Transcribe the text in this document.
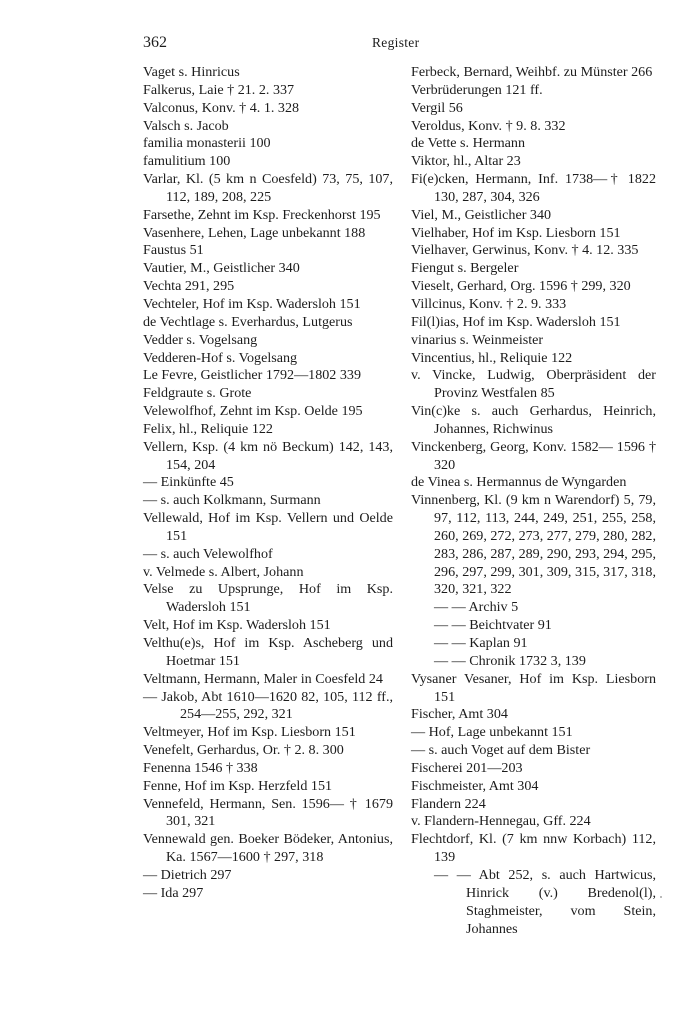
362	Register
Vaget s. Hinricus
Falkerus, Laie † 21. 2. 337
Valconus, Konv. † 4. 1. 328
Valsch s. Jacob
familia monasterii 100
famulitium 100
Varlar, Kl. (5 km n Coesfeld) 73, 75, 107, 112, 189, 208, 225
Farsethe, Zehnt im Ksp. Freckenhorst 195
Vasenhere, Lehen, Lage unbekannt 188
Faustus 51
Vautier, M., Geistlicher 340
Vechta 291, 295
Vechteler, Hof im Ksp. Wadersloh 151
de Vechtlage s. Everhardus, Lutgerus
Vedder s. Vogelsang
Vedderen-Hof s. Vogelsang
Le Fevre, Geistlicher 1792—1802 339
Feldgraute s. Grote
Velewolfhof, Zehnt im Ksp. Oelde 195
Felix, hl., Reliquie 122
Vellern, Ksp. (4 km nö Beckum) 142, 143, 154, 204
— Einkünfte 45
— s. auch Kolkmann, Surmann
Vellewald, Hof im Ksp. Vellern und Oelde 151
— s. auch Velewolfhof
v. Velmede s. Albert, Johann
Velse zu Upsprunge, Hof im Ksp. Wadersloh 151
Velt, Hof im Ksp. Wadersloh 151
Velthu(e)s, Hof im Ksp. Ascheberg und Hoetmar 151
Veltmann, Hermann, Maler in Coesfeld 24
— Jakob, Abt 1610—1620 82, 105, 112 ff., 254—255, 292, 321
Veltmeyer, Hof im Ksp. Liesborn 151
Venefelt, Gerhardus, Or. † 2. 8. 300
Fenenna 1546 † 338
Fenne, Hof im Ksp. Herzfeld 151
Vennefeld, Hermann, Sen. 1596— † 1679 301, 321
Vennewald gen. Boeker Bödeker, Antonius, Ka. 1567—1600 † 297, 318
— Dietrich 297
— Ida 297
Ferbeck, Bernard, Weihbf. zu Münster 266
Verbrüderungen 121 ff.
Vergil 56
Veroldus, Konv. † 9. 8. 332
de Vette s. Hermann
Viktor, hl., Altar 23
Fi(e)cken, Hermann, Inf. 1738—† 1822 130, 287, 304, 326
Viel, M., Geistlicher 340
Vielhaber, Hof im Ksp. Liesborn 151
Vielhaver, Gerwinus, Konv. † 4. 12. 335
Fiengut s. Bergeler
Vieselt, Gerhard, Org. 1596 † 299, 320
Villcinus, Konv. † 2. 9. 333
Fil(l)ias, Hof im Ksp. Wadersloh 151
vinarius s. Weinmeister
Vincentius, hl., Reliquie 122
v. Vincke, Ludwig, Oberpräsident der Provinz Westfalen 85
Vin(c)ke s. auch Gerhardus, Heinrich, Johannes, Richwinus
Vinckenberg, Georg, Konv. 1582— 1596 † 320
de Vinea s. Hermannus de Wyngarden
Vinnenberg, Kl. (9 km n Warendorf) 5, 79, 97, 112, 113, 244, 249, 251, 255, 258, 260, 269, 272, 273, 277, 279, 280, 282, 283, 286, 287, 289, 290, 293, 294, 295, 296, 297, 299, 301, 309, 315, 317, 318, 320, 321, 322
— — Archiv 5
— — Beichtvater 91
— — Kaplan 91
— — Chronik 1732 3, 139
Vysaner Vesaner, Hof im Ksp. Liesborn 151
Fischer, Amt 304
— Hof, Lage unbekannt 151
— s. auch Voget auf dem Bister
Fischerei 201—203
Fischmeister, Amt 304
Flandern 224
v. Flandern-Hennegau, Gff. 224
Flechtdorf, Kl. (7 km nnw Korbach) 112, 139
— — Abt 252, s. auch Hartwicus, Hinrick (v.) Bredenol(l), Staghmeister, vom Stein, Johannes
